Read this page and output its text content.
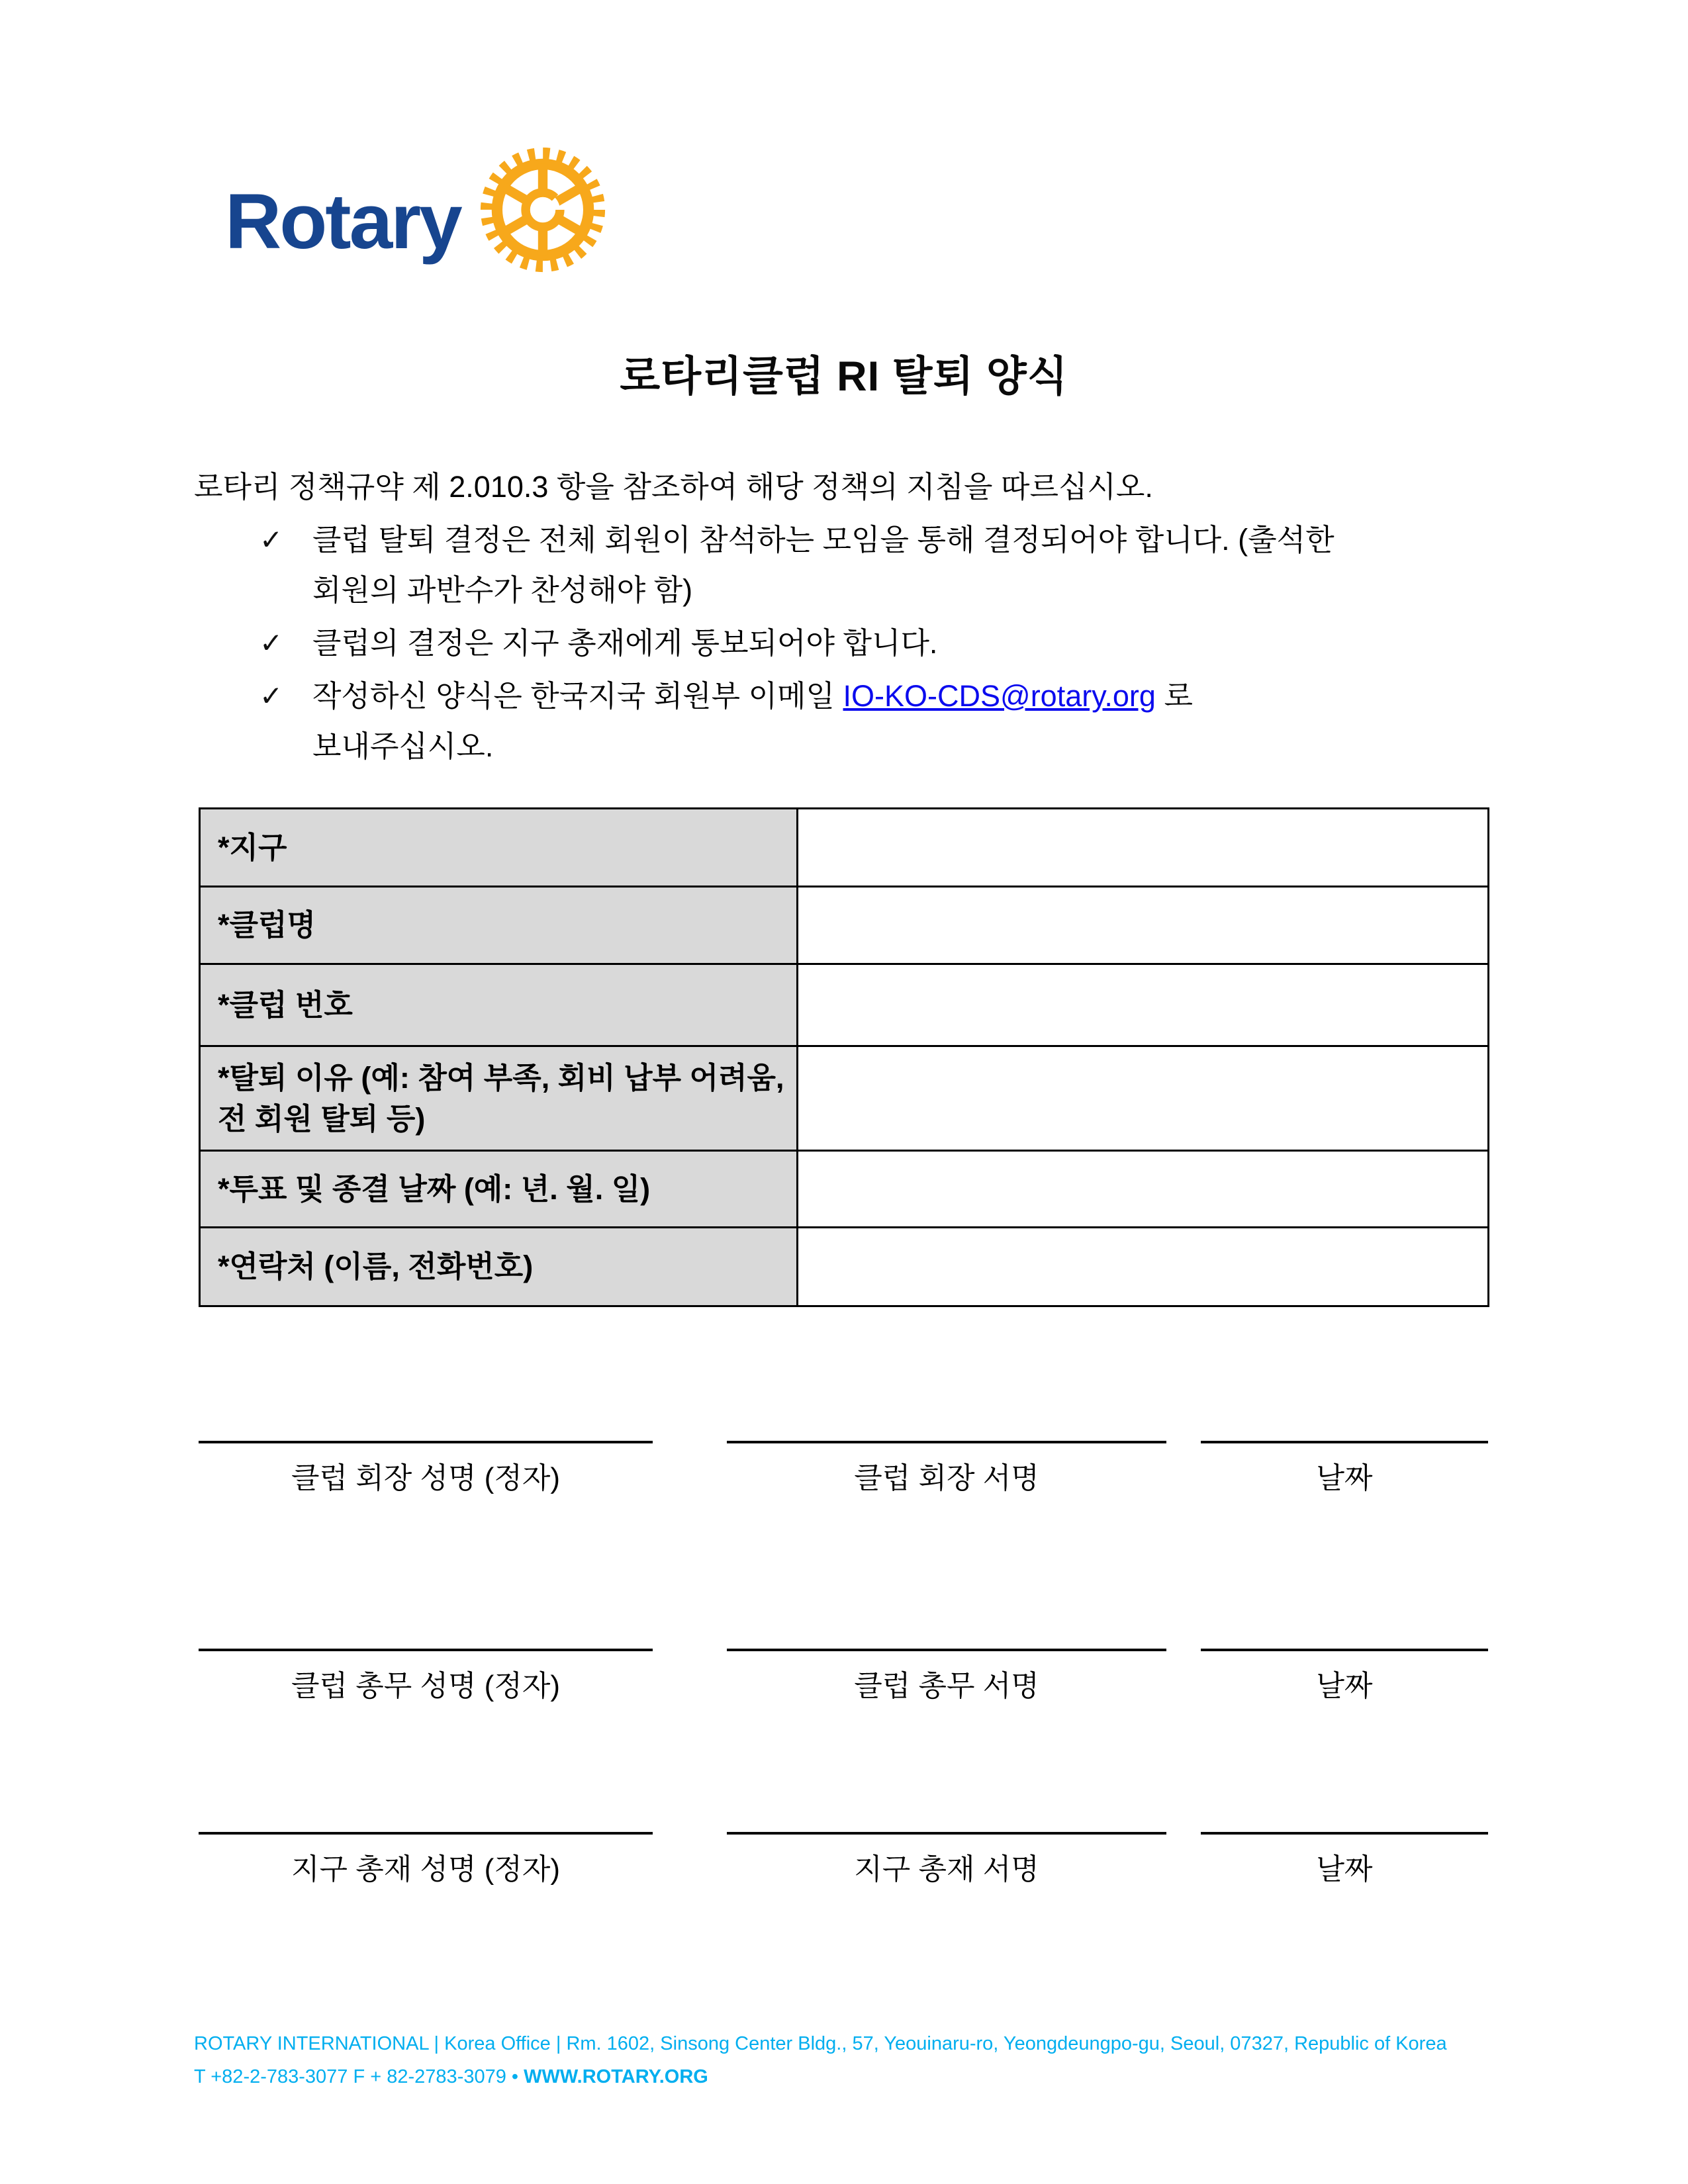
Rotary
로타리클럽 RI 탈퇴 양식
로타리 정책규약 제 2.010.3 항을 참조하여 해당 정책의 지침을 따르십시오.
✓ 클럽 탈퇴 결정은 전체 회원이 참석하는 모임을 통해 결정되어야 합니다. (출석한
회원의 과반수가 찬성해야 함)
✓ 클럽의 결정은 지구 총재에게 통보되어야 합니다.
✓ 작성하신 양식은 한국지국 회원부 이메일 IO-KO-CDS@rotary.org 로
보내주십시오.
*지구	
*클럽명	
*클럽 번호	
*탈퇴 이유 (예: 참여 부족, 회비 납부 어려움, 전 회원 탈퇴 등)	
*투표 및 종결 날짜 (예: 년. 월. 일)	
*연락처 (이름, 전화번호)	
클럽 회장 성명 (정자)	클럽 회장 서명	날짜
클럽 총무 성명 (정자)	클럽 총무 서명	날짜
지구 총재 성명 (정자)	지구 총재 서명	날짜
ROTARY INTERNATIONAL | Korea Office | Rm. 1602, Sinsong Center Bldg., 57, Yeouinaru-ro, Yeongdeungpo-gu, Seoul, 07327, Republic of Korea
T +82-2-783-3077 F + 82-2783-3079 • WWW.ROTARY.ORG
